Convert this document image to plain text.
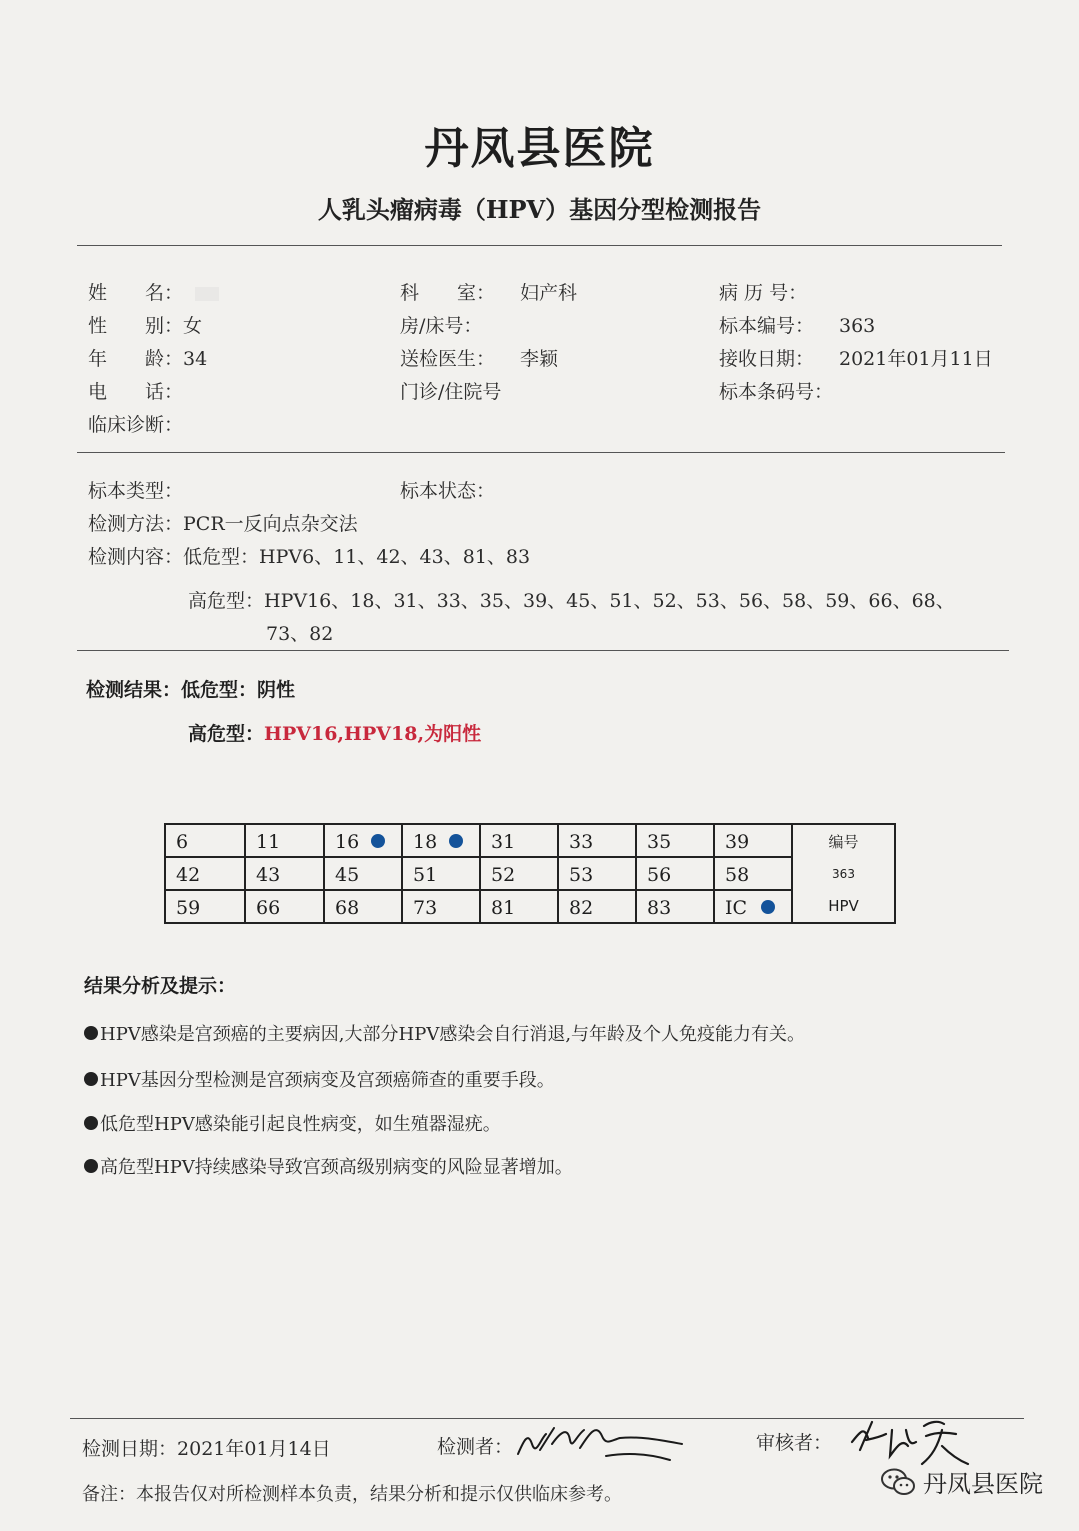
丹凤县医院
人乳头瘤病毒（HPV）基因分型检测报告
姓　　名：
性　　别：女
年　　龄：34
电　　话：
临床诊断：
科　　室： 妇产科
房/床号：
送检医生： 李颖
门诊/住院号
病 历 号：
标本编号： 363
接收日期： 2021年01月11日
标本条码号：
标本类型：	标本状态：
检测方法：PCR一反向点杂交法
检测内容：低危型：HPV6、11、42、43、81、83
高危型：HPV16、18、31、33、35、39、45、51、52、53、56、58、59、66、68、
73、82
检测结果：低危型：阴性
高危型：HPV16,HPV18,为阳性
6	11	16	18	31	33	35	39	编号
42	43	45	51	52	53	56	58	363
59	66	68	73	81	82	83	IC	HPV
结果分析及提示：
HPV感染是宫颈癌的主要病因,大部分HPV感染会自行消退,与年龄及个人免疫能力有关。
HPV基因分型检测是宫颈病变及宫颈癌筛查的重要手段。
低危型HPV感染能引起良性病变，如生殖器湿疣。
高危型HPV持续感染导致宫颈高级别病变的风险显著增加。
检测日期：2021年01月14日	检测者：	审核者：
备注：本报告仅对所检测样本负责，结果分析和提示仅供临床参考。	丹凤县医院
